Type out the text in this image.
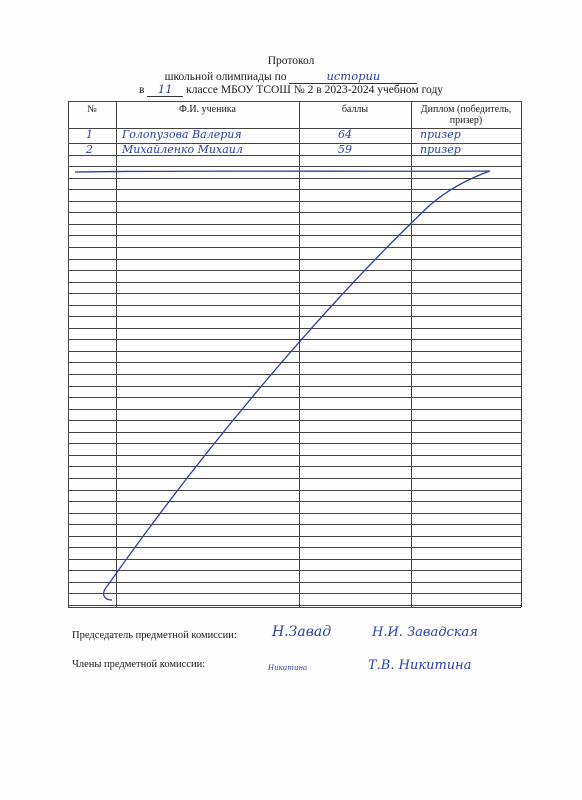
Протокол
школьной олимпиады по	истории
в 11 классе МБОУ ТСОШ № 2 в 2023-2024 учебном году
№	Ф.И. ученика	баллы	Диплом (победитель, призер)
1	Голопузова Валерия	64	призер
2	Михайленко Михаил	59	призер
Председатель предметной комиссии:	Н.Завад	Н.И. Завадская
Члены предметной комиссии:	Никитина	Т.В. Никитина
